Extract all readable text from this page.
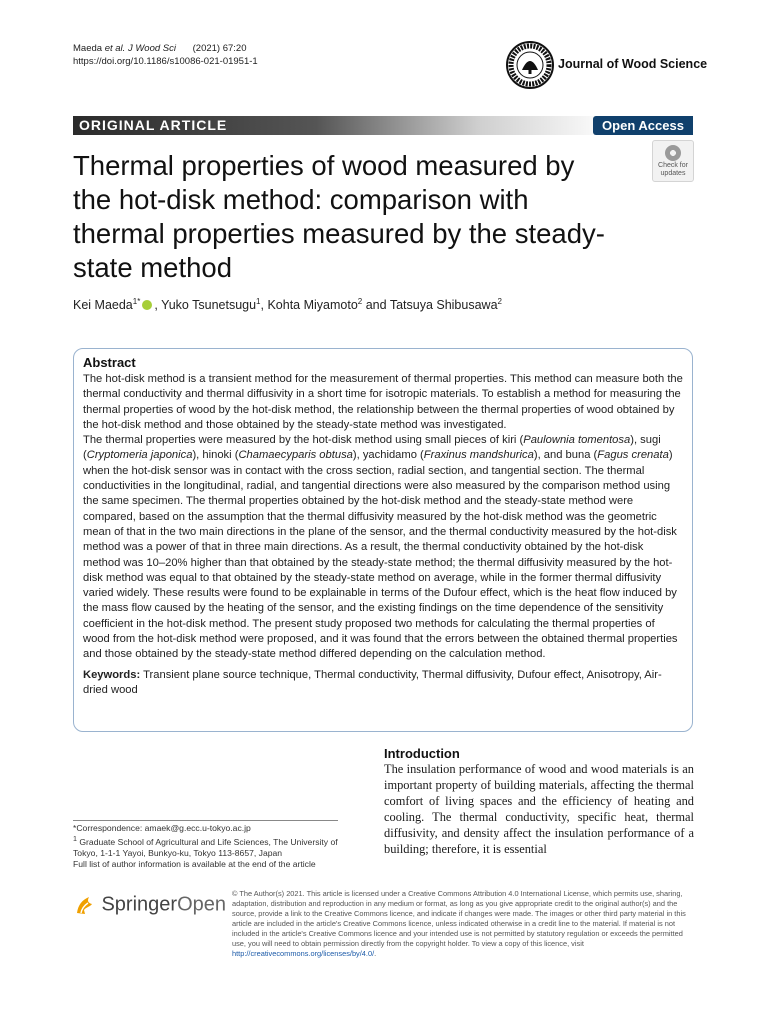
Maeda et al. J Wood Sci (2021) 67:20
https://doi.org/10.1186/s10086-021-01951-1	Journal of Wood Science
ORIGINAL ARTICLE	Open Access
Thermal properties of wood measured by the hot-disk method: comparison with thermal properties measured by the steady-state method
Check for
updates
Kei Maeda$^{1*}$ , Yuko Tsunetsugu$^1$, Kohta Miyamoto$^2$ and Tatsuya Shibusawa$^2$
Abstract

The hot-disk method is a transient method for the measurement of thermal properties. This method can measure both the thermal conductivity and thermal diffusivity in a short time for isotropic materials. To establish a method for measuring the thermal properties of wood by the hot-disk method, the relationship between the thermal properties of wood obtained by the hot-disk method and those obtained by the steady-state method was investigated.

The thermal properties were measured by the hot-disk method using small pieces of kiri (Paulownia tomentosa), sugi (Cryptomeria japonica), hinoki (Chamaecyparis obtusa), yachidamo (Fraxinus mandshurica), and buna (Fagus crenata) when the hot-disk sensor was in contact with the cross section, radial section, and tangential section. The thermal conductivities in the longitudinal, radial, and tangential directions were also measured by the comparison method using the same specimen. The thermal properties obtained by the hot-disk method and the steady-state method were compared, based on the assumption that the thermal diffusivity measured by the hot-disk method was the geometric mean of that in the two main directions in the plane of the sensor, and the thermal conductivity measured by the hot-disk method was a power of that in three main directions. As a result, the thermal conductivity obtained by the hot-disk method was 10–20% higher than that obtained by the steady-state method; the thermal diffusivity measured by the hot-disk method was equal to that obtained by the steady-state method on average, while in the former thermal diffusivity varied widely. These results were found to be explainable in terms of the Dufour effect, which is the heat flow induced by the mass flow caused by the heating of the sensor, and the existing findings on the time dependence of the sensitivity coefficient in the hot-disk method. The present study proposed two methods for calculating the thermal properties of wood from the hot-disk method were proposed, and it was found that the errors between the obtained thermal properties and those obtained by the steady-state method differed depending on the calculation method.

Keywords: Transient plane source technique, Thermal conductivity, Thermal diffusivity, Dufour effect, Anisotropy, Air-dried wood
Introduction

The insulation performance of wood and wood materials is an important property of building materials, affecting the thermal comfort of living spaces and the efficiency of heating and cooling. The thermal conductivity, specific heat, thermal diffusivity, and density affect the insulation performance of a building; therefore, it is essential

*Correspondence: amaek@g.ecc.u-tokyo.ac.jp
$^1$ Graduate School of Agricultural and Life Sciences, The University of Tokyo, 1-1-1 Yayoi, Bunkyo-ku, Tokyo 113-8657, Japan
Full list of author information is available at the end of the article
SpringerOpen © The Author(s) 2021. This article is licensed under a Creative Commons Attribution 4.0 International License, which permits use, sharing, adaptation, distribution and reproduction in any medium or format, as long as you give appropriate credit to the original author(s) and the source, provide a link to the Creative Commons licence, and indicate if changes were made. The images or other third party material in this article are included in the article's Creative Commons licence, unless indicated otherwise in a credit line to the material. If material is not included in the article's Creative Commons licence and your intended use is not permitted by statutory regulation or exceeds the permitted use, you will need to obtain permission directly from the copyright holder. To view a copy of this licence, visit http://creativecommons.org/licenses/by/4.0/.
